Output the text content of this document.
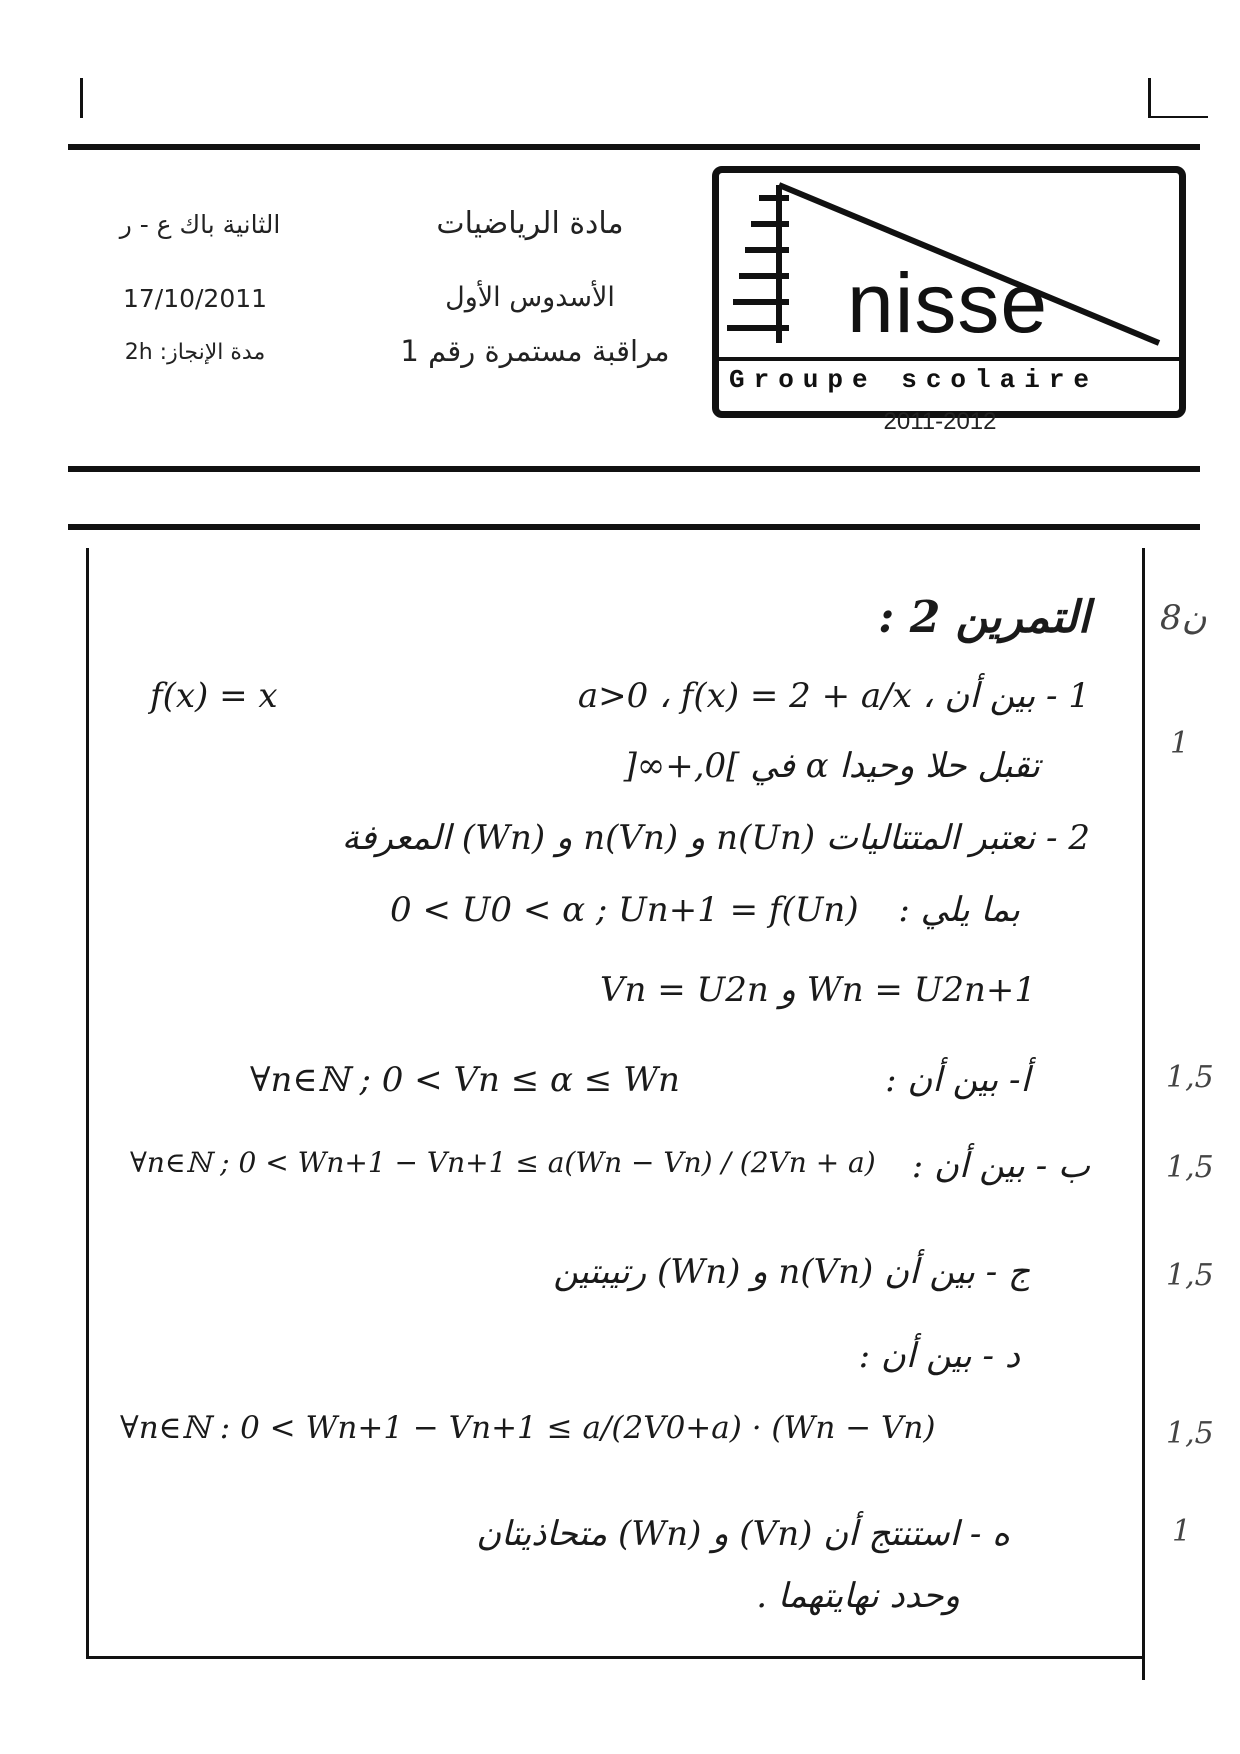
الثانية باك ع - ر
17/10/2011
مدة الإنجاز: 2h
مادة الرياضيات
الأسدوس الأول
مراقبة مستمرة رقم 1
nisse
Groupe scolaire
2011-2012
التمرين 2 : 8ن
1 - بين أن ، a>0 ، f(x) = 2 + a/x
f(x) = x
تقبل حلا وحيدا α في ]0,+∞[
2 - نعتبر المتتاليات (Un)n و (Vn)n و (Wn) المعرفة
بما يلي :
0 < U0 < α ; Un+1 = f(Un)
Vn = U2n و Wn = U2n+1
أ- بين أن :
∀n∈ℕ ; 0 < Vn ≤ α ≤ Wn
ب - بين أن :
∀n∈ℕ ; 0 < Wn+1 − Vn+1 ≤ a(Wn − Vn) / (2Vn + a)
ج - بين أن (Vn)n و (Wn) رتيبتين
د - بين أن :
∀n∈ℕ : 0 < Wn+1 − Vn+1 ≤ a/(2V0+a) · (Wn − Vn)
ه - استنتج أن (Vn) و (Wn) متحاذيتان
وحدد نهايتهما .
1
1,5
1,5
1,5
1,5
1
